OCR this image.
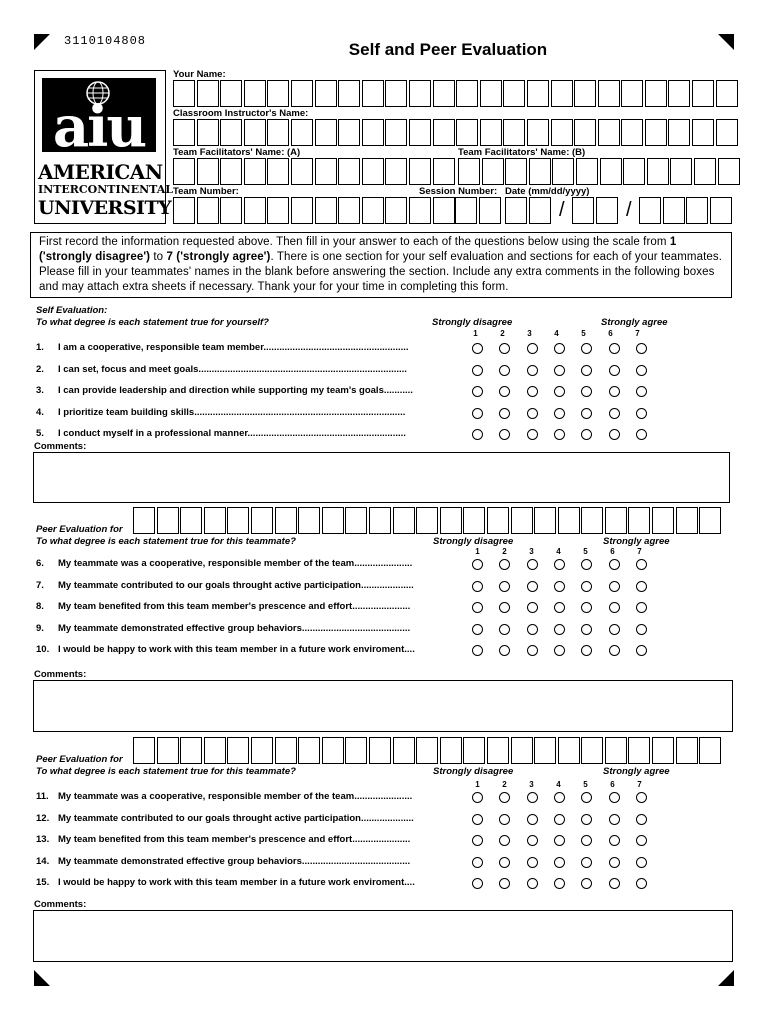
3110104808	Self and Peer Evaluation
aiu
AMERICAN
INTERCONTINENTAL
UNIVERSITY
Your Name:
Classroom Instructor's Name:
Team Facilitators' Name: (A)	Team Facilitators' Name: (B)
Team Number:	Session Number: Date (mm/dd/yyyy)
/	/
First record the information requested above. Then fill in your answer to each of the questions below using the scale from 1 ('strongly disagree') to 7 ('strongly agree'). There is one section for your self evaluation and sections for each of your teammates. Please fill in your teammates' names in the blank before answering the section. Include any extra comments in the following boxes and may attach extra sheets if necessary. Thank your for your time in completing this form.
Self Evaluation:
To what degree is each statement true for yourself?	Strongly disagree	Strongly agree
1	2	3	4	5	6	7
1. I am a cooperative, responsible team member.......................................................
2. I can set, focus and meet goals...............................................................................
3. I can provide leadership and direction while supporting my team's goals...........
4. I prioritize team building skills................................................................................
5. I conduct myself in a professional manner............................................................
Comments:
Peer Evaluation for
To what degree is each statement true for this teammate?	Strongly disagree	Strongly agree
1	2	3	4	5	6	7
6. My teammate was a cooperative, responsible member of the team......................
7. My teammate contributed to our goals throught active participation....................
8. My team benefited from this team member's prescence and effort......................
9. My teammate demonstrated effective group behaviors.........................................
10. I would be happy to work with this team member in a future work enviroment....
Comments:
Peer Evaluation for
To what degree is each statement true for this teammate?	Strongly disagree	Strongly agree
1	2	3	4	5	6	7
11. My teammate was a cooperative, responsible member of the team......................
12. My teammate contributed to our goals throught active participation....................
13. My team benefited from this team member's prescence and effort......................
14. My teammate demonstrated effective group behaviors.........................................
15. I would be happy to work with this team member in a future work enviroment....
Comments:
